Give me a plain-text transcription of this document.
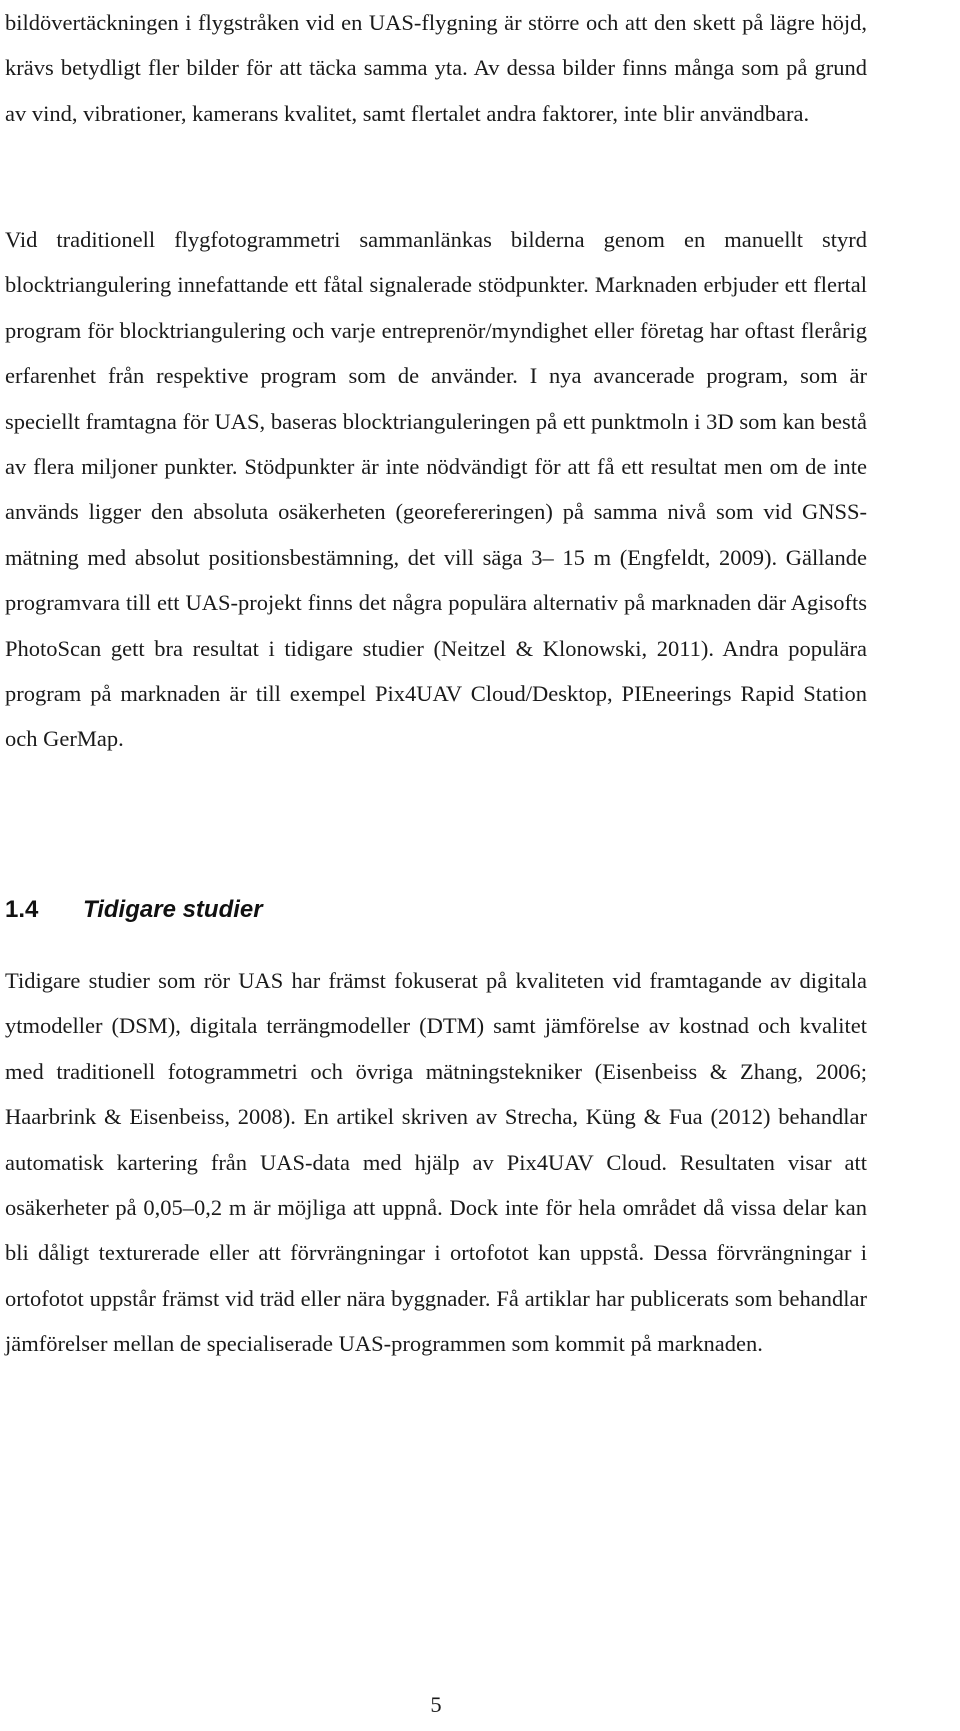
bildövertäckningen i flygstråken vid en UAS-flygning är större och att den skett på lägre höjd, krävs betydligt fler bilder för att täcka samma yta. Av dessa bilder finns många som på grund av vind, vibrationer, kamerans kvalitet, samt flertalet andra faktorer, inte blir användbara.

Vid traditionell flygfotogrammetri sammanlänkas bilderna genom en manuellt styrd blocktriangulering innefattande ett fåtal signalerade stödpunkter. Marknaden erbjuder ett flertal program för blocktriangulering och varje entreprenör/myndighet eller företag har oftast flerårig erfarenhet från respektive program som de använder. I nya avancerade program, som är speciellt framtagna för UAS, baseras blocktrianguleringen på ett punktmoln i 3D som kan bestå av flera miljoner punkter. Stödpunkter är inte nödvändigt för att få ett resultat men om de inte används ligger den absoluta osäkerheten (georefereringen) på samma nivå som vid GNSS-mätning med absolut positionsbestämning, det vill säga 3– 15 m (Engfeldt, 2009). Gällande programvara till ett UAS-projekt finns det några populära alternativ på marknaden där Agisofts PhotoScan gett bra resultat i tidigare studier (Neitzel & Klonowski, 2011). Andra populära program på marknaden är till exempel Pix4UAV Cloud/Desktop, PIEneerings Rapid Station och GerMap.

1.4 Tidigare studier

Tidigare studier som rör UAS har främst fokuserat på kvaliteten vid framtagande av digitala ytmodeller (DSM), digitala terrängmodeller (DTM) samt jämförelse av kostnad och kvalitet med traditionell fotogrammetri och övriga mätningstekniker (Eisenbeiss & Zhang, 2006; Haarbrink & Eisenbeiss, 2008). En artikel skriven av Strecha, Küng & Fua (2012) behandlar automatisk kartering från UAS-data med hjälp av Pix4UAV Cloud. Resultaten visar att osäkerheter på 0,05–0,2 m är möjliga att uppnå. Dock inte för hela området då vissa delar kan bli dåligt texturerade eller att förvrängningar i ortofotot kan uppstå. Dessa förvrängningar i ortofotot uppstår främst vid träd eller nära byggnader. Få artiklar har publicerats som behandlar jämförelser mellan de specialiserade UAS-programmen som kommit på marknaden.

5
